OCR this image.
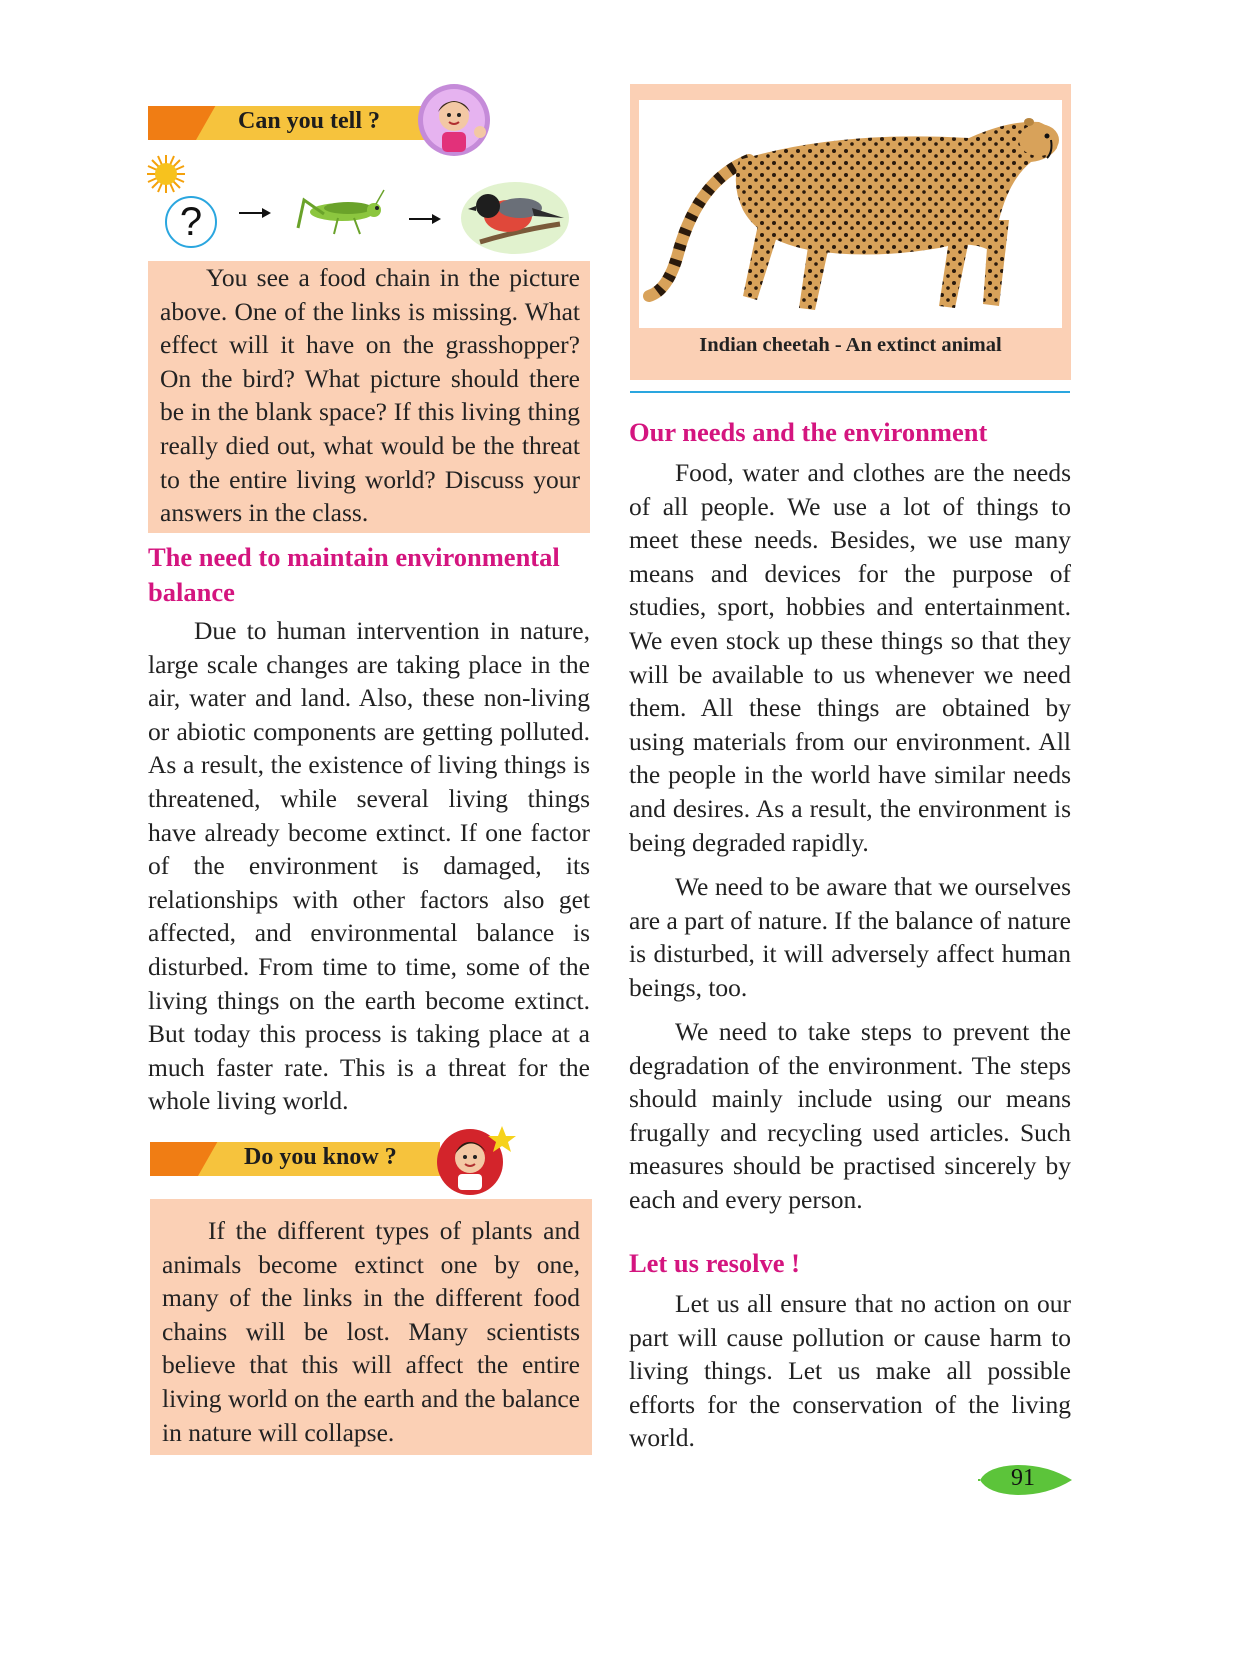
Can you tell ?
?

You see a food chain in the picture above. One of the links is missing. What effect will it have on the grasshopper? On the bird? What picture should there be in the blank space? If this living thing really died out, what would be the threat to the entire living world? Discuss your answers in the class.

The need to maintain environmental balance

Due to human intervention in nature, large scale changes are taking place in the air, water and land. Also, these non-living or abiotic components are getting polluted. As a result, the existence of living things is threatened, while several living things have already become extinct. If one factor of the environment is damaged, its relationships with other factors also get affected, and environmental balance is disturbed. From time to time, some of the living things on the earth become extinct. But today this process is taking place at a much faster rate. This is a threat for the whole living world.

Do you know ?

If the different types of plants and animals become extinct one by one, many of the links in the different food chains will be lost. Many scientists believe that this will affect the entire living world on the earth and the balance in nature will collapse.

Indian cheetah - An extinct animal
Our needs and the environment

Food, water and clothes are the needs of all people. We use a lot of things to meet these needs. Besides, we use many means and devices for the purpose of studies, sport, hobbies and entertainment. We even stock up these things so that they will be available to us whenever we need them. All these things are obtained by using materials from our environment. All the people in the world have similar needs and desires. As a result, the environment is being degraded rapidly.

We need to be aware that we ourselves are a part of nature. If the balance of nature is disturbed, it will adversely affect human beings, too.

We need to take steps to prevent the degradation of the environment. The steps should mainly include using our means frugally and recycling used articles. Such measures should be practised sincerely by each and every person.

Let us resolve !

Let us all ensure that no action on our part will cause pollution or cause harm to living things. Let us make all possible efforts for the conservation of the living world.

91
